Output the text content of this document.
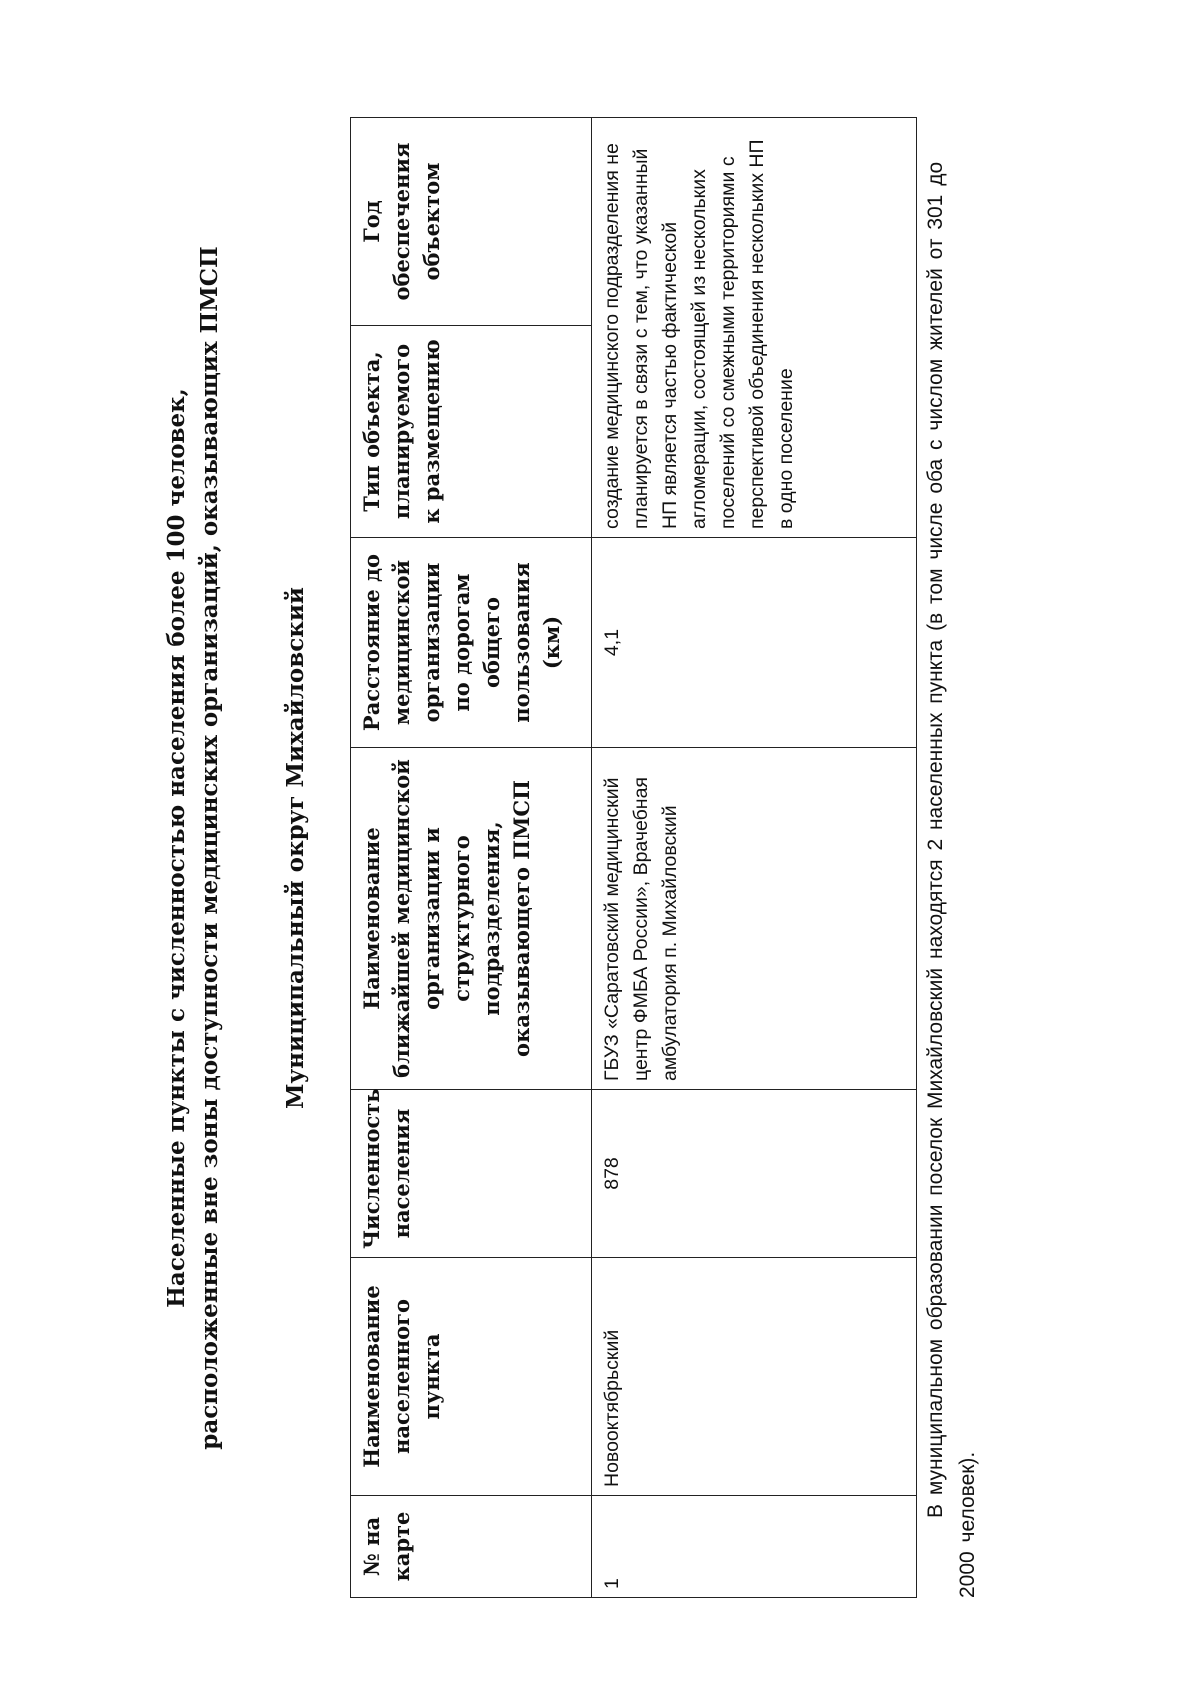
Населенные пункты с численностью населения более 100 человек, расположенные вне зоны доступности медицинских организаций, оказывающих ПМСП	Муниципальный округ Михайловский
№ на карте	Наименование населенного пункта	Численность населения	Наименование ближайшей медицинской организации и структурного подразделения, оказывающего ПМСП	Расстояние до медицинской организации по дорогам общего пользования (км)	Тип объекта, планируемого к размещению	Год обеспечения объектом
1	Новооктябрьский	878	ГБУЗ «Саратовский медицинский центр ФМБА России», Врачебная амбулатория п. Михайловский	4,1	создание медицинского подразделения не планируется в связи с тем, что указанный НП является частью фактической агломерации, состоящей из нескольких поселений со смежными территориями с перспективой объединения нескольких НП в одно поселение		В муниципальном образовании поселок Михайловский находятся 2 населенных пункта (в том числе оба с числом жителей от 301 до 2000 человек).
